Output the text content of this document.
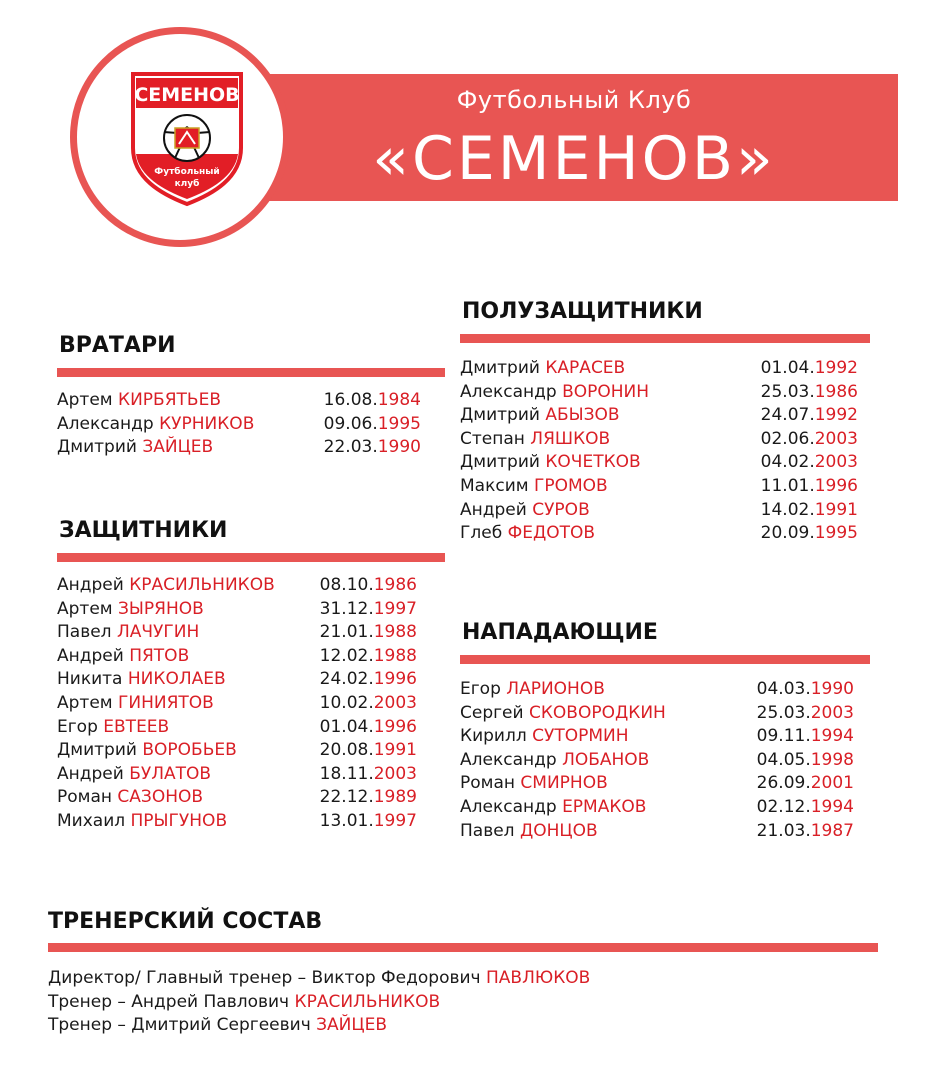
Футбольный Клуб
«СЕМЕНОВ»
СЕМЕНОВ
Футбольный
клуб
ВРАТАРИ
Артем КИРБЯТЬЕВ	16.08.1984
Александр КУРНИКОВ	09.06.1995
Дмитрий ЗАЙЦЕВ	22.03.1990
ЗАЩИТНИКИ
Андрей КРАСИЛЬНИКОВ	08.10.1986
Артем ЗЫРЯНОВ	31.12.1997
Павел ЛАЧУГИН	21.01.1988
Андрей ПЯТОВ	12.02.1988
Никита НИКОЛАЕВ	24.02.1996
Артем ГИНИЯТОВ	10.02.2003
Егор ЕВТЕЕВ	01.04.1996
Дмитрий ВОРОБЬЕВ	20.08.1991
Андрей БУЛАТОВ	18.11.2003
Роман САЗОНОВ	22.12.1989
Михаил ПРЫГУНОВ	13.01.1997
ПОЛУЗАЩИТНИКИ
Дмитрий КАРАСЕВ	01.04.1992
Александр ВОРОНИН	25.03.1986
Дмитрий АБЫЗОВ	24.07.1992
Степан ЛЯШКОВ	02.06.2003
Дмитрий КОЧЕТКОВ	04.02.2003
Максим ГРОМОВ	11.01.1996
Андрей СУРОВ	14.02.1991
Глеб ФЕДОТОВ	20.09.1995
НАПАДАЮЩИЕ
Егор ЛАРИОНОВ	04.03.1990
Сергей СКОВОРОДКИН	25.03.2003
Кирилл СУТОРМИН	09.11.1994
Александр ЛОБАНОВ	04.05.1998
Роман СМИРНОВ	26.09.2001
Александр ЕРМАКОВ	02.12.1994
Павел ДОНЦОВ	21.03.1987
ТРЕНЕРСКИЙ СОСТАВ
Директор/ Главный тренер – Виктор Федорович ПАВЛЮКОВ
Тренер – Андрей Павлович КРАСИЛЬНИКОВ
Тренер – Дмитрий Сергеевич ЗАЙЦЕВ
